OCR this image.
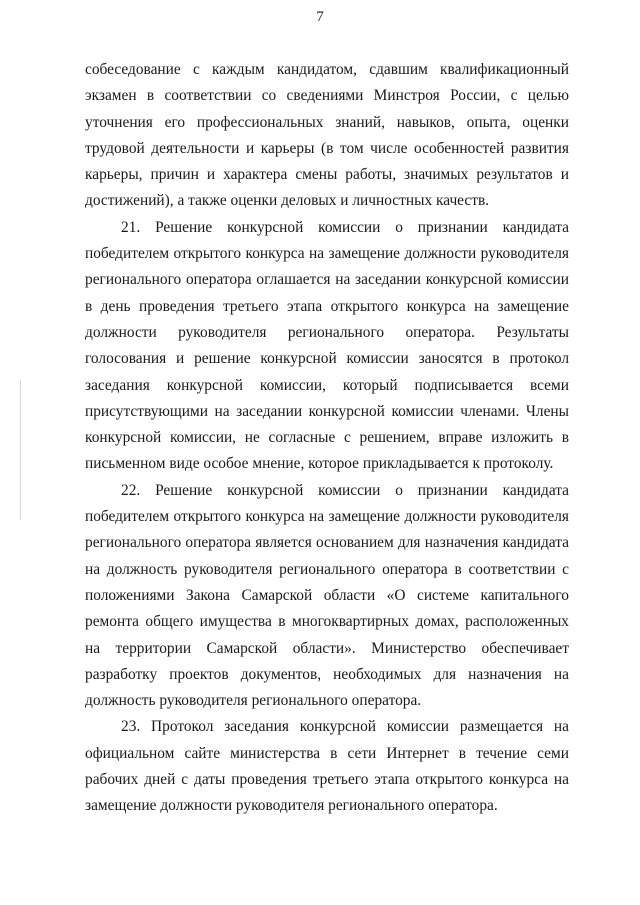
7

собеседование с каждым кандидатом, сдавшим квалификационный экзамен в соответствии со сведениями Минстроя России, с целью уточнения его профессиональных знаний, навыков, опыта, оценки трудовой деятельности и карьеры (в том числе особенностей развития карьеры, причин и характера смены работы, значимых результатов и достижений), а также оценки деловых и личностных качеств.

21. Решение конкурсной комиссии о признании кандидата победителем открытого конкурса на замещение должности руководителя регионального оператора оглашается на заседании конкурсной комиссии в день проведения третьего этапа открытого конкурса на замещение должности руководителя регионального оператора. Результаты голосования и решение конкурсной комиссии заносятся в протокол заседания конкурсной комиссии, который подписывается всеми присутствующими на заседании конкурсной комиссии членами. Члены конкурсной комиссии, не согласные с решением, вправе изложить в письменном виде особое мнение, которое прикладывается к протоколу.

22. Решение конкурсной комиссии о признании кандидата победителем открытого конкурса на замещение должности руководителя регионального оператора является основанием для назначения кандидата на должность руководителя регионального оператора в соответствии с положениями Закона Самарской области «О системе капитального ремонта общего имущества в многоквартирных домах, расположенных на территории Самарской области». Министерство обеспечивает разработку проектов документов, необходимых для назначения на должность руководителя регионального оператора.

23. Протокол заседания конкурсной комиссии размещается на официальном сайте министерства в сети Интернет в течение семи рабочих дней с даты проведения третьего этапа открытого конкурса на замещение должности руководителя регионального оператора.
